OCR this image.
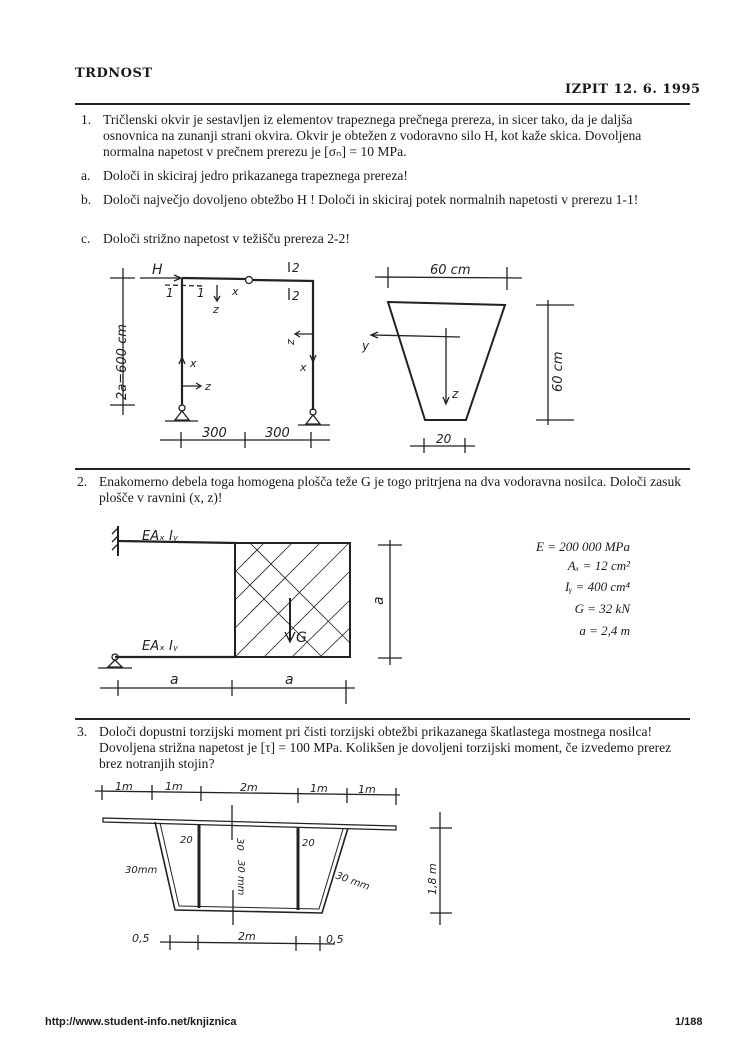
TRDNOST
IZPIT 12. 6. 1995
1. Tričlenski okvir je sestavljen iz elementov trapeznega prečnega prereza, in sicer tako, da je daljša osnovnica na zunanji strani okvira. Okvir je obtežen z vodoravno silo H, kot kaže skica. Dovoljena normalna napetost v prečnem prerezu je [σₙ] = 10 MPa.
a. Določi in skiciraj jedro prikazanega trapeznega prereza!
b. Določi največjo dovoljeno obtežbo H ! Določi in skiciraj potek normalnih napetosti v prerezu 1-1!
c. Določi strižno napetost v težišču prereza 2-2!
2a=600 cm
H
1 1
2
2
z
x
x
z
z
x
300	300
60 cm
y
z
60 cm
20
EAₓ Iᵧ
G
EAₓ Iᵧ
a	a
a
1m	1m	2m	1m	1m
20	20
30
30mm	30 mm
30 mm	1,8 m
0,5	2m	0,5
2. Enakomerno debela toga homogena plošča teže G je togo pritrjena na dva vodoravna nosilca. Določi zasuk plošče v ravnini (x, z)!
E = 200 000 MPa
Aₓ = 12 cm²
Iᵧ = 400 cm⁴
G = 32 kN
a = 2,4 m
3. Določi dopustni torzijski moment pri čisti torzijski obtežbi prikazanega škatlastega mostnega nosilca! Dovoljena strižna napetost je [τ] = 100 MPa. Kolikšen je dovoljeni torzijski moment, če izvedemo prerez brez notranjih stojin?
http://www.student-info.net/knjiznica	1/188
